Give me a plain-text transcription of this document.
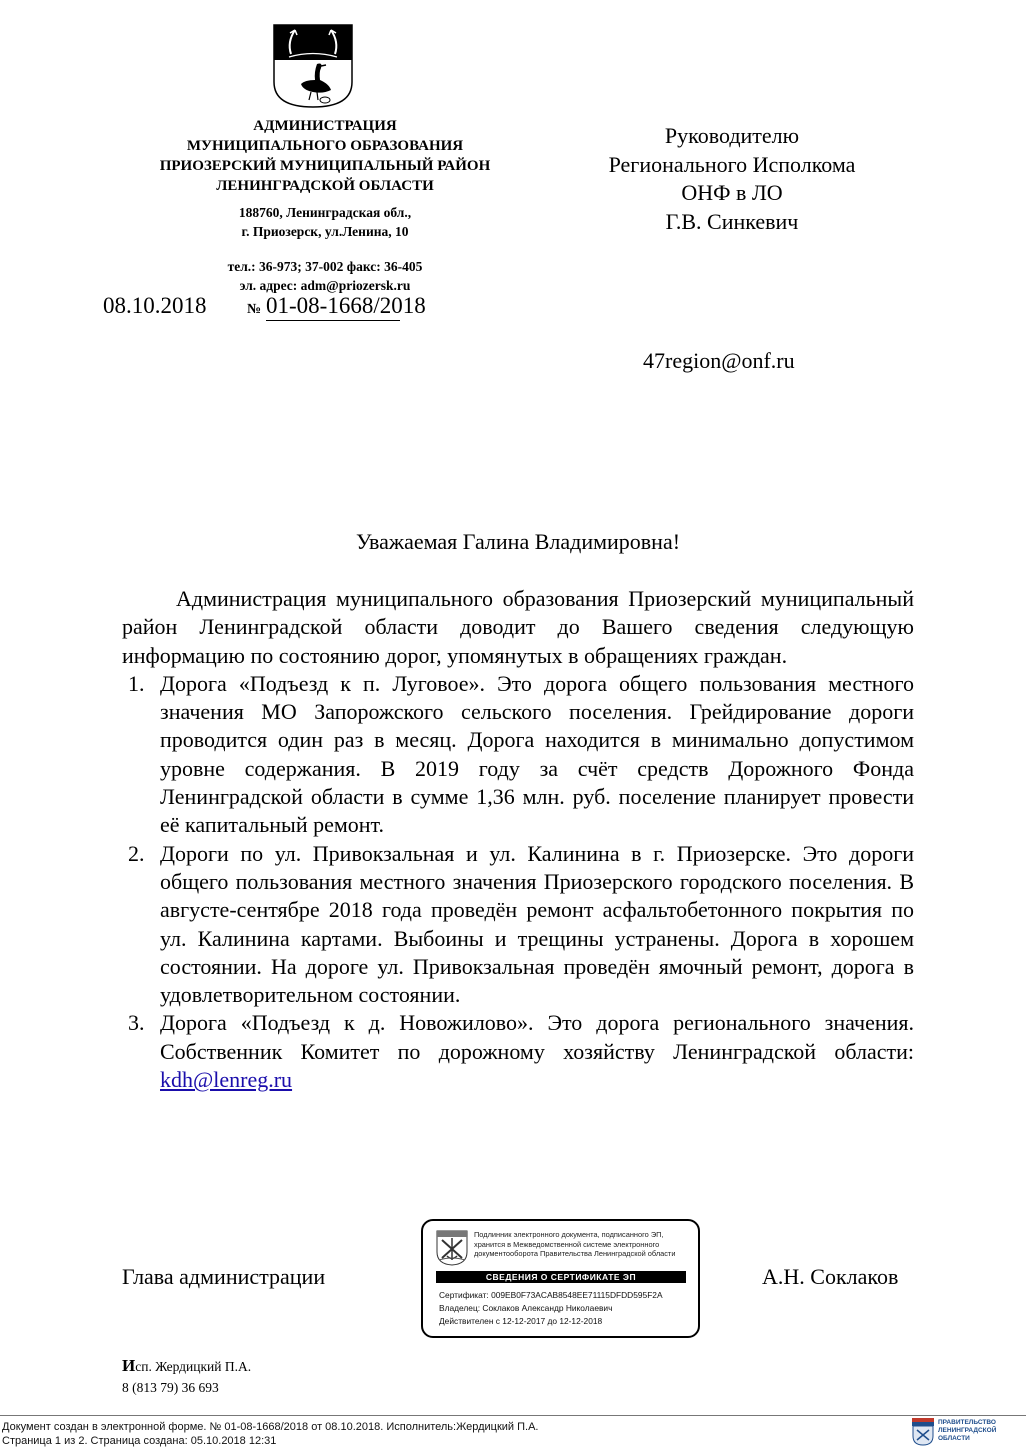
АДМИНИСТРАЦИЯ
МУНИЦИПАЛЬНОГО ОБРАЗОВАНИЯ
ПРИОЗЕРСКИЙ МУНИЦИПАЛЬНЫЙ РАЙОН
ЛЕНИНГРАДСКОЙ ОБЛАСТИ
188760, Ленинградская обл.,
г. Приозерск, ул.Ленина, 10
тел.: 36-973; 37-002 факс: 36-405
эл. адрес: adm@priozersk.ru
08.10.2018	№ 01-08-1668/2018
Руководителю
Регионального Исполкома
ОНФ в ЛО
Г.В. Синкевич
47region@onf.ru
Уважаемая Галина Владимировна!

Администрация муниципального образования Приозерский муниципальный район Ленинградской области доводит до Вашего сведения следующую информацию по состоянию дорог, упомянутых в обращениях граждан.

1. Дорога «Подъезд к п. Луговое». Это дорога общего пользования местного значения МО Запорожского сельского поселения. Грейдирование дороги проводится один раз в месяц. Дорога находится в минимально допустимом уровне содержания. В 2019 году за счёт средств Дорожного Фонда Ленинградской области в сумме 1,36 млн. руб. поселение планирует провести её капитальный ремонт.
2. Дороги по ул. Привокзальная и ул. Калинина в г. Приозерске. Это дороги общего пользования местного значения Приозерского городского поселения. В августе-сентябре 2018 года проведён ремонт асфальтобетонного покрытия по ул. Калинина картами. Выбоины и трещины устранены. Дорога в хорошем состоянии. На дороге ул. Привокзальная проведён ямочный ремонт, дорога в удовлетворительном состоянии.
3. Дорога «Подъезд к д. Новожилово». Это дорога регионального значения. Собственник Комитет по дорожному хозяйству Ленинградской области: kdh@lenreg.ru
Глава администрации	А.Н. Соклаков
Подлинник электронного документа, подписанного ЭП, хранится в Межведомственной системе электронного документооборота Правительства Ленинградской области
СВЕДЕНИЯ О СЕРТИФИКАТЕ ЭП
Сертификат: 009EB0F73ACAB8548EE71115DFDD595F2A
Владелец: Соклаков Александр Николаевич
Действителен с 12-12-2017 до 12-12-2018
Исп. Жердицкий П.А.
8 (813 79) 36 693
Документ создан в электронной форме. № 01-08-1668/2018 от 08.10.2018. Исполнитель:Жердицкий П.А.
Страница 1 из 2. Страница создана: 05.10.2018 12:31
ПРАВИТЕЛЬСТВО
ЛЕНИНГРАДСКОЙ
ОБЛАСТИ
